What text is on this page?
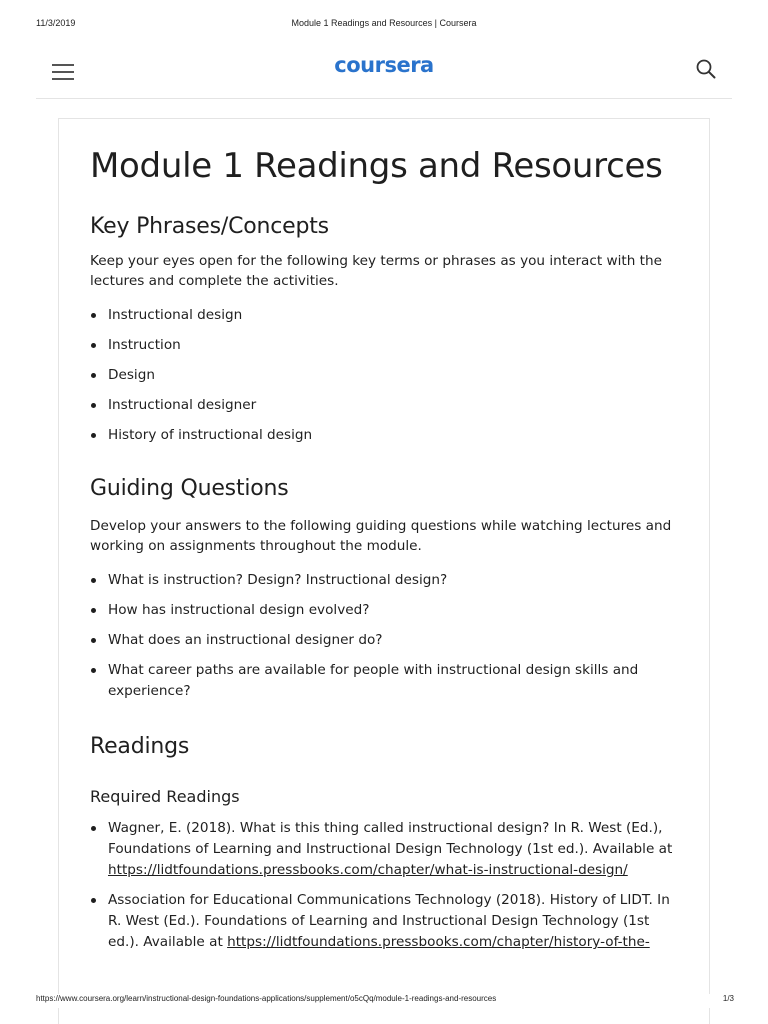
11/3/2019	Module 1 Readings and Resources | Coursera
coursera
Module 1 Readings and Resources
Key Phrases/Concepts

Keep your eyes open for the following key terms or phrases as you interact with the lectures and complete the activities.

Instructional design
Instruction
Design
Instructional designer
History of instructional design
Guiding Questions

Develop your answers to the following guiding questions while watching lectures and working on assignments throughout the module.

What is instruction? Design? Instructional design?
How has instructional design evolved?
What does an instructional designer do?
What career paths are available for people with instructional design skills and experience?
Readings
Required Readings
Wagner, E. (2018). What is this thing called instructional design? In R. West (Ed.), Foundations of Learning and Instructional Design Technology (1st ed.). Available at https://lidtfoundations.pressbooks.com/chapter/what-is-instructional-design/
Association for Educational Communications Technology (2018). History of LIDT. In R. West (Ed.). Foundations of Learning and Instructional Design Technology (1st ed.). Available at https://lidtfoundations.pressbooks.com/chapter/history-of-the-
https://www.coursera.org/learn/instructional-design-foundations-applications/supplement/o5cQq/module-1-readings-and-resources	1/3
